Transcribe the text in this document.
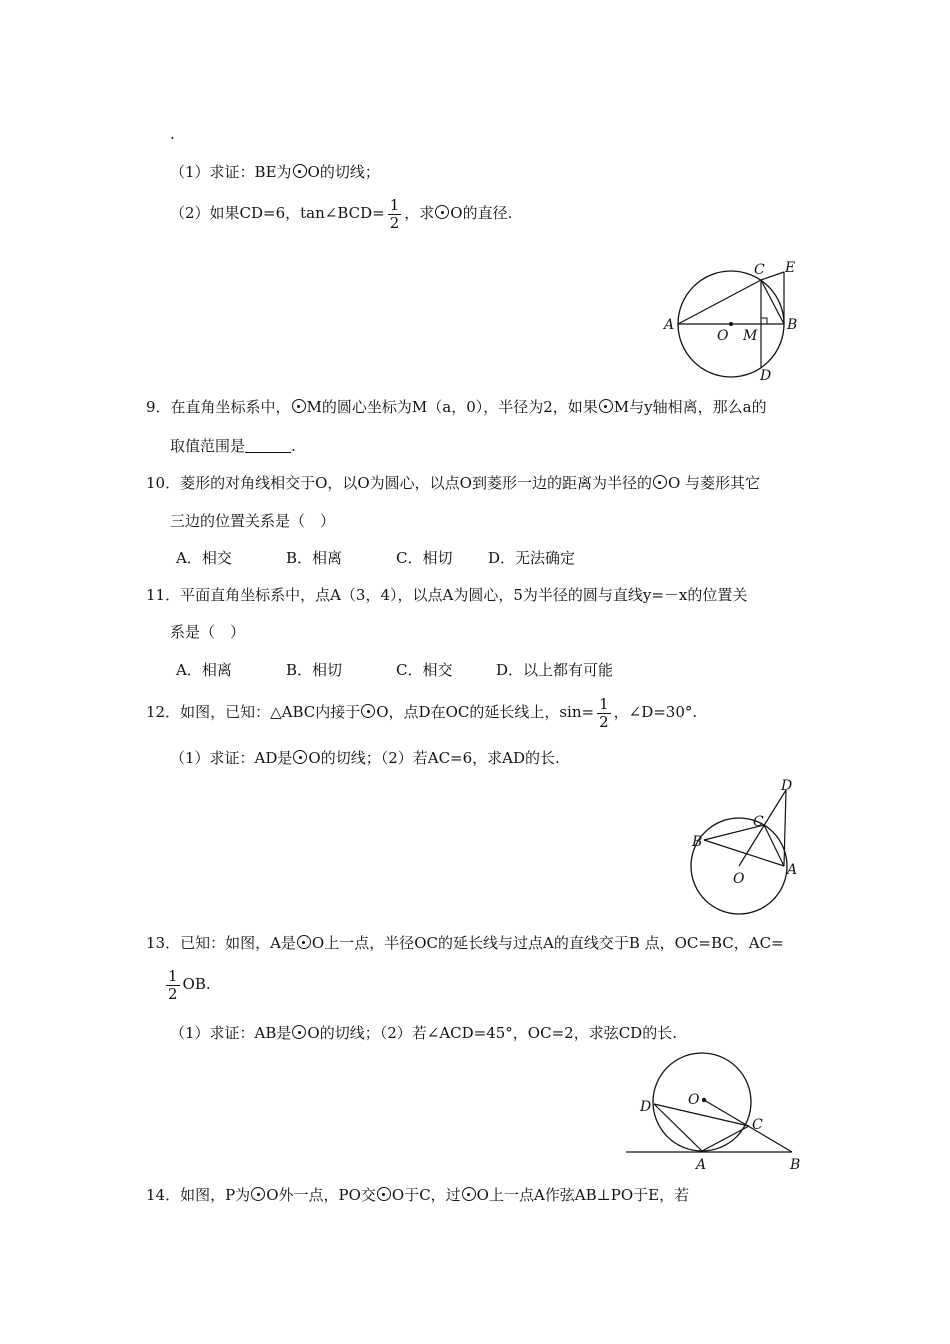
.
（1）求证：BE为 O的切线；
（2）如果CD=6，tan∠BCD= $\frac{1}{2}$ ，求 O的直径.
A
O M
B
C E
D
9．在直角坐标系中， M的圆心坐标为M（a，0），半径为2，如果 M与y轴相离，那么a的
取值范围是	.
10．菱形的对角线相交于O，以O为圆心，以点O到菱形一边的距离为半径的 O 与菱形其它
三边的位置关系是（　）
A．相交	B．相离	C．相切 D．无法确定
11．平面直角坐标系中，点A（3，4），以点A为圆心，5为半径的圆与直线y=－x的位置关
系是（　）
A．相离	B．相切	C．相交	D．以上都有可能
12．如图，已知：△ABC内接于 O，点D在OC的延长线上，$\sin= \frac{1}{2}$ ，∠D=30°.
（1）求证：AD是 O的切线；（2）若AC=6，求AD的长.
D
C
B
A
O
13．已知：如图，A是 O上一点，半径OC的延长线与过点A的直线交于B 点，OC=BC，AC=
$\frac{1}{2}$ OB.
（1）求证：AB是 O的切线；（2）若∠ACD=45°，OC=2，求弦CD的长.
O
D
C
A	B
14．如图，P为 O外一点，PO交 O于C，过 O上一点A作弦AB⊥PO于E，若
